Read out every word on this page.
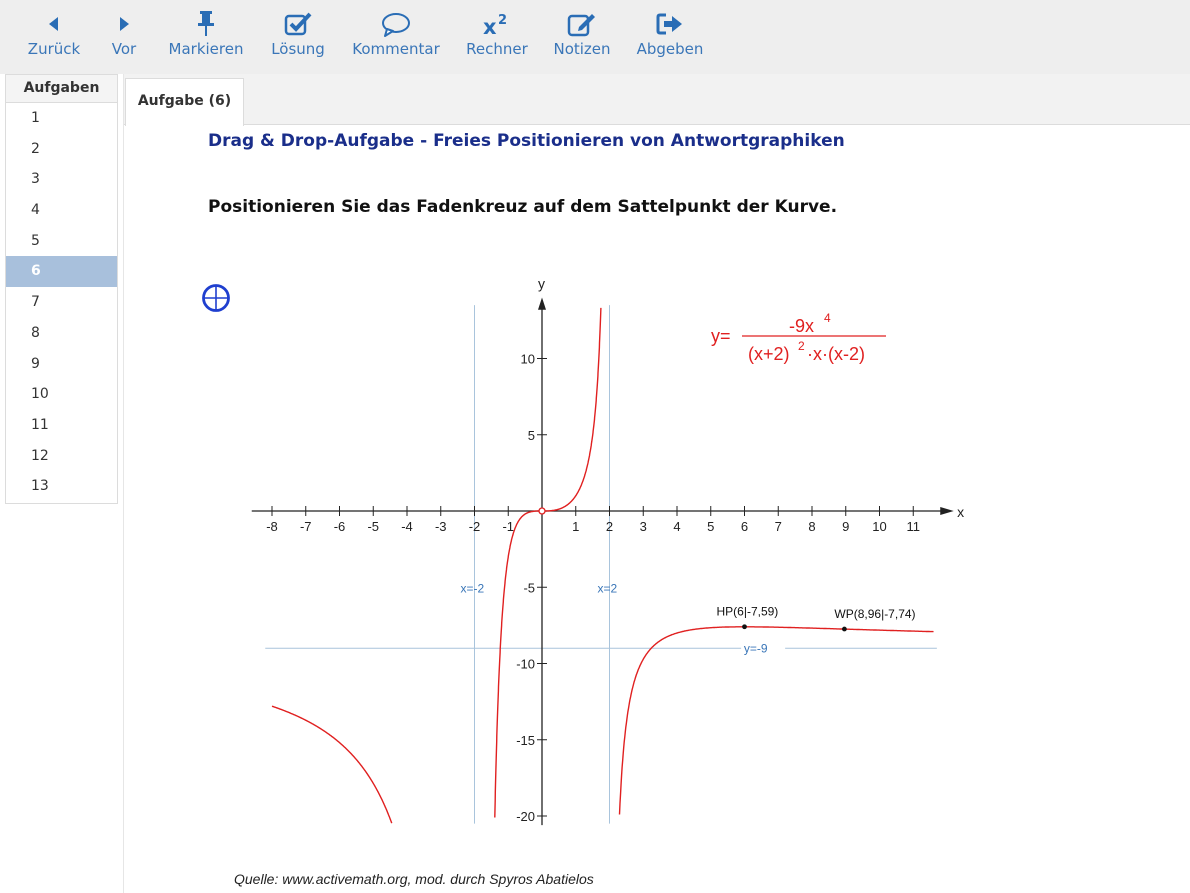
Zurück	Vor	Markieren	Lösung	Kommentar
x 2
Rechner Notizen Abgeben
Aufgaben
1
2
3
4
5
6
7
8
9
10
11
12
13
Aufgabe (6)
Drag & Drop-Aufgabe - Freies Positionieren von Antwortgraphiken
Positionieren Sie das Fadenkreuz auf dem Sattelpunkt der Kurve.
x=-2	x=2
y=-9
x
y
-8 -7 -6 -5 -4 -3 -2 -1	1 2 3 4 5 6 7 8 9 10 11
10
5
-5
-10
-15
-20
HP(6|-7,59)	WP(8,96|-7,74)
y=	-9x 4
(x+2) 2 ·x·(x-2)
Quelle: www.activemath.org, mod. durch Spyros Abatielos
